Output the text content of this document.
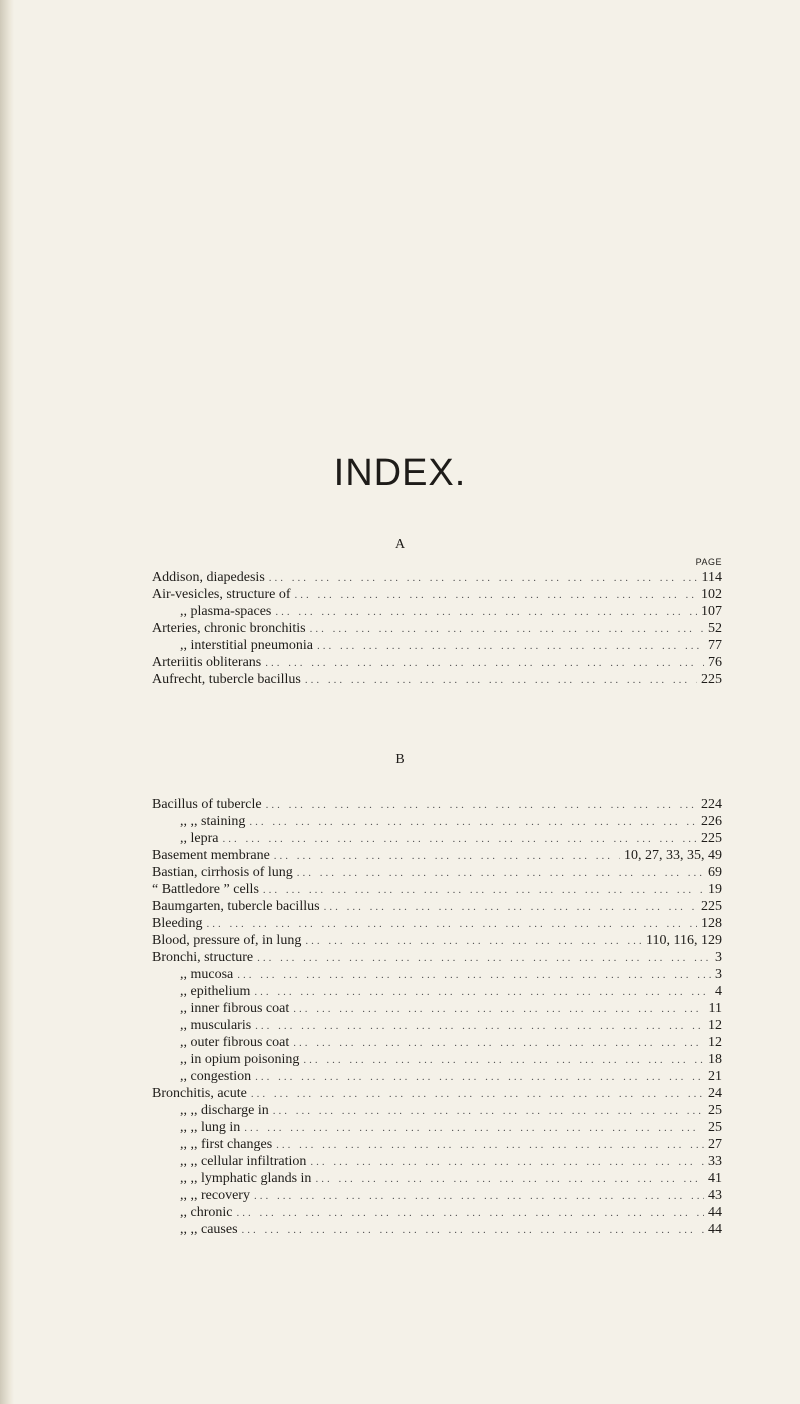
INDEX.
A
PAGE
Addison, diapedesis ... .	114
Air-vesicles, structure of ... .	102
,, plasma-spaces ... .	107
Arteries, chronic bronchitis ... .	52
,, interstitial pneumonia ... .	77
Arteriitis obliterans ... .	76
Aufrecht, tubercle bacillus ... .	225
B
Bacillus of tubercle ... .	224
,, ,, staining ... .	226
,, lepra ... .	225
Basement membrane ... .	10, 27, 33, 35, 49
Bastian, cirrhosis of lung ... .	69
“ Battledore ” cells ... .	19
Baumgarten, tubercle bacillus ... .	225
Bleeding ... .	128
Blood, pressure of, in lung ... .	110, 116, 129
Bronchi, structure ... .	3
,, mucosa ... .	3
,, epithelium ... .	4
,, inner fibrous coat ... .	11
,, muscularis ... .	12
,, outer fibrous coat ... .	12
,, in opium poisoning ... .	18
,, congestion ... .	21
Bronchitis, acute ... .	24
,, ,, discharge in ... .	25
,, ,, lung in ... .	25
,, ,, first changes ... .	27
,, ,, cellular infiltration ... .	33
,, ,, lymphatic glands in ... .	41
,, ,, recovery ... .	43
,, chronic ... .	44
,, ,, causes ... .	44
